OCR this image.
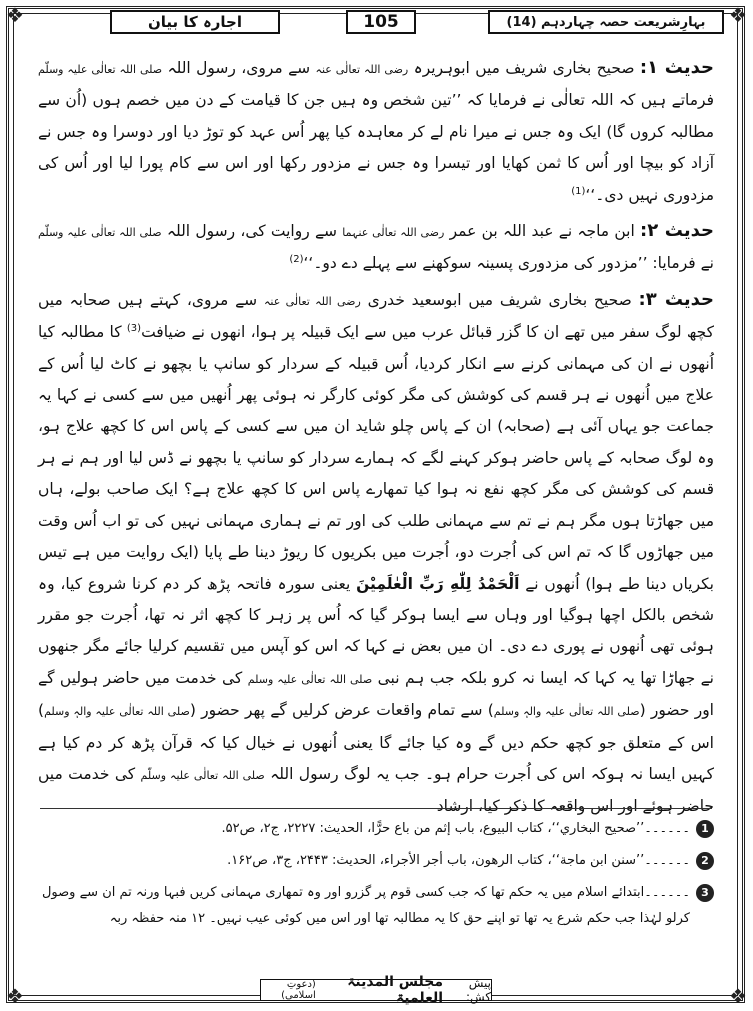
❖	❖
❖	❖
اجارہ کا بیان	105	بہارِشریعت حصہ چہاردہم (14)

حدیث ۱: صحیح بخاری شریف میں ابوہریرہ رضی اللہ تعالٰی عنہ سے مروی، رسول اللہ صلی اللہ تعالٰی علیہ وسلّم فرماتے ہیں کہ اللہ تعالٰی نے فرمایا کہ ’’تین شخص وہ ہیں جن کا قیامت کے دن میں خصم ہوں (اُن سے مطالبہ کروں گا) ایک وہ جس نے میرا نام لے کر معاہدہ کیا پھر اُس عہد کو توڑ دیا اور دوسرا وہ جس نے آزاد کو بیچا اور اُس کا ثمن کھایا اور تیسرا وہ جس نے مزدور رکھا اور اس سے کام پورا لیا اور اُس کی مزدوری نہیں دی۔‘‘$^{(1)}$

حدیث ۲: ابن ماجہ نے عبد اللہ بن عمر رضی اللہ تعالٰی عنہما سے روایت کی، رسول اللہ صلی اللہ تعالٰی علیہ وسلّم نے فرمایا: ’’مزدور کی مزدوری پسینہ سوکھنے سے پہلے دے دو۔‘‘$^{(2)}$

حدیث ۳: صحیح بخاری شریف میں ابوسعید خدری رضی اللہ تعالٰی عنہ سے مروی، کہتے ہیں صحابہ میں کچھ لوگ سفر میں تھے ان کا گزر قبائل عرب میں سے ایک قبیلہ پر ہوا، انھوں نے ضیافت$^{(3)}$ کا مطالبہ کیا اُنھوں نے ان کی مہمانی کرنے سے انکار کردیا، اُس قبیلہ کے سردار کو سانپ یا بچھو نے کاٹ لیا اُس کے علاج میں اُنھوں نے ہر قسم کی کوشش کی مگر کوئی کارگر نہ ہوئی پھر اُنھیں میں سے کسی نے کہا یہ جماعت جو یہاں آئی ہے (صحابہ) ان کے پاس چلو شاید ان میں سے کسی کے پاس اس کا کچھ علاج ہو، وہ لوگ صحابہ کے پاس حاضر ہوکر کہنے لگے کہ ہمارے سردار کو سانپ یا بچھو نے ڈس لیا اور ہم نے ہر قسم کی کوشش کی مگر کچھ نفع نہ ہوا کیا تمھارے پاس اس کا کچھ علاج ہے؟ ایک صاحب بولے، ہاں میں جھاڑتا ہوں مگر ہم نے تم سے مہمانی طلب کی اور تم نے ہماری مہمانی نہیں کی تو اب اُس وقت میں جھاڑوں گا کہ تم اس کی اُجرت دو، اُجرت میں بکریوں کا ریوڑ دینا طے پایا (ایک روایت میں ہے تیس بکریاں دینا طے ہوا) اُنھوں نے اَلْحَمْدُ لِلّٰهِ رَبِّ الْعٰلَمِیْنَ یعنی سورہ فاتحہ پڑھ کر دم کرنا شروع کیا، وہ شخص بالکل اچھا ہوگیا اور وہاں سے ایسا ہوکر گیا کہ اُس پر زہر کا کچھ اثر نہ تھا، اُجرت جو مقرر ہوئی تھی اُنھوں نے پوری دے دی۔ ان میں بعض نے کہا کہ اس کو آپس میں تقسیم کرلیا جائے مگر جنھوں نے جھاڑا تھا یہ کہا کہ ایسا نہ کرو بلکہ جب ہم نبی صلی اللہ تعالٰی علیہ وسلم کی خدمت میں حاضر ہولیں گے اور حضور (صلی اللہ تعالٰی علیہ والہٖ وسلم) سے تمام واقعات عرض کرلیں گے پھر حضور (صلی اللہ تعالٰی علیہ والہٖ وسلم) اس کے متعلق جو کچھ حکم دیں گے وہ کیا جائے گا یعنی اُنھوں نے خیال کیا کہ قرآن پڑھ کر دم کیا ہے کہیں ایسا نہ ہوکہ اس کی اُجرت حرام ہو۔ جب یہ لوگ رسول اللہ صلی اللہ تعالٰی علیہ وسلّم کی خدمت میں حاضر ہوئے اور اس واقعہ کا ذکر کیا، ارشاد

1
۔۔۔۔۔۔’’صحیح البخاري‘‘، کتاب البیوع، باب إثم من باع حرًّا، الحدیث: ۲۲۲۷، ج۲، ص۵۲.
2
۔۔۔۔۔۔’’سنن ابن ماجة‘‘، کتاب الرھون، باب أجر الأجراء، الحدیث: ۲۴۴۳، ج۳، ص۱۶۲.
3
۔۔۔۔۔۔ابتدائے اسلام میں یہ حکم تھا کہ جب کسی قوم پر گزرو اور وہ تمھاری مہمانی کریں فبہا ورنہ تم ان سے وصول کرلو لہٰذا جب حکم شرع یہ تھا تو اپنے حق کا یہ مطالبہ تھا اور اس میں کوئی عیب نہیں۔ ۱۲ منہ حفظہ ربہ
پیش کش:
مجلس المدینۃ العلمیۃ
(دعوتِ اسلامی)
